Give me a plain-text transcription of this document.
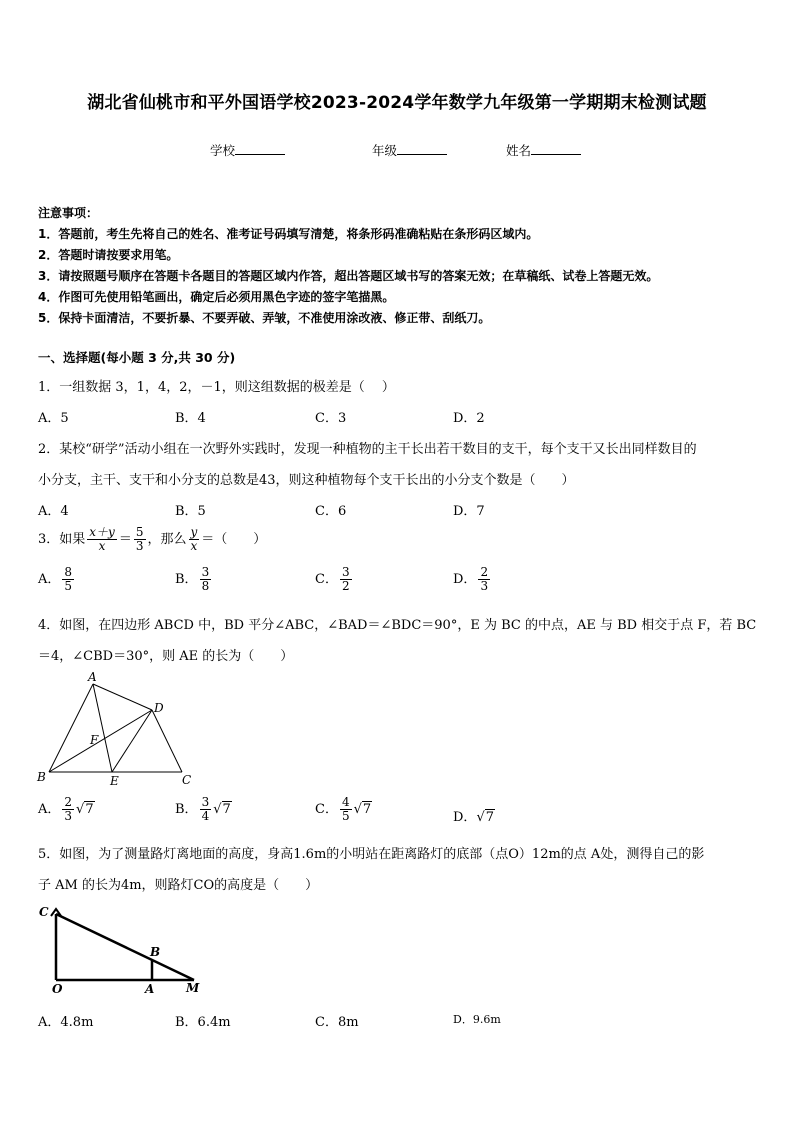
湖北省仙桃市和平外国语学校2023-2024学年数学九年级第一学期期末检测试题
学校	年级	姓名
注意事项：
1．答题前，考生先将自己的姓名、准考证号码填写清楚，将条形码准确粘贴在条形码区域内。
2．答题时请按要求用笔。
3．请按照题号顺序在答题卡各题目的答题区域内作答，超出答题区域书写的答案无效；在草稿纸、试卷上答题无效。
4．作图可先使用铅笔画出，确定后必须用黑色字迹的签字笔描黑。
5．保持卡面清洁，不要折暴、不要弄破、弄皱，不准使用涂改液、修正带、刮纸刀。
一、选择题(每小题 3 分,共 30 分)
1．一组数据 3，1，4，2，－1，则这组数据的极差是（　 ）
A．5	B．4	C．3	D．2
2．某校“研学”活动小组在一次野外实践时，发现一种植物的主干长出若干数目的支干，每个支干又长出同样数目的
小分支，主干、支干和小分支的总数是43，则这种植物每个支干长出的小分支个数是（　　）
A．4	B．5	C．6	D．7
3．如果 $\frac{x+y}{x} = \frac{5}{3}$ ，那么 $\frac{y}{x}$ ＝（　　）
A． $\frac{8}{5}$	B． $\frac{3}{8}$	C． $\frac{3}{2}$	D． $\frac{2}{3}$
4．如图，在四边形 ABCD 中，BD 平分∠ABC，∠BAD＝∠BDC＝90°，E 为 BC 的中点，AE 与 BD 相交于点 F，若 BC
＝4，∠CBD＝30°，则 AE 的长为（　　）
A
D
F
B	E	C
A． $\frac{2}{3} √7$	B． $\frac{3}{4} √7$	C． $\frac{4}{5} √7$
D．√7
5．如图，为了测量路灯离地面的高度，身高1.6m的小明站在距离路灯的底部（点O）12m的点 A处，测得自己的影
子 AM 的长为4m，则路灯CO的高度是（　　）
C
O
B
A	M
A．4.8m	B．6.4m	C．8m	D．9.6m
